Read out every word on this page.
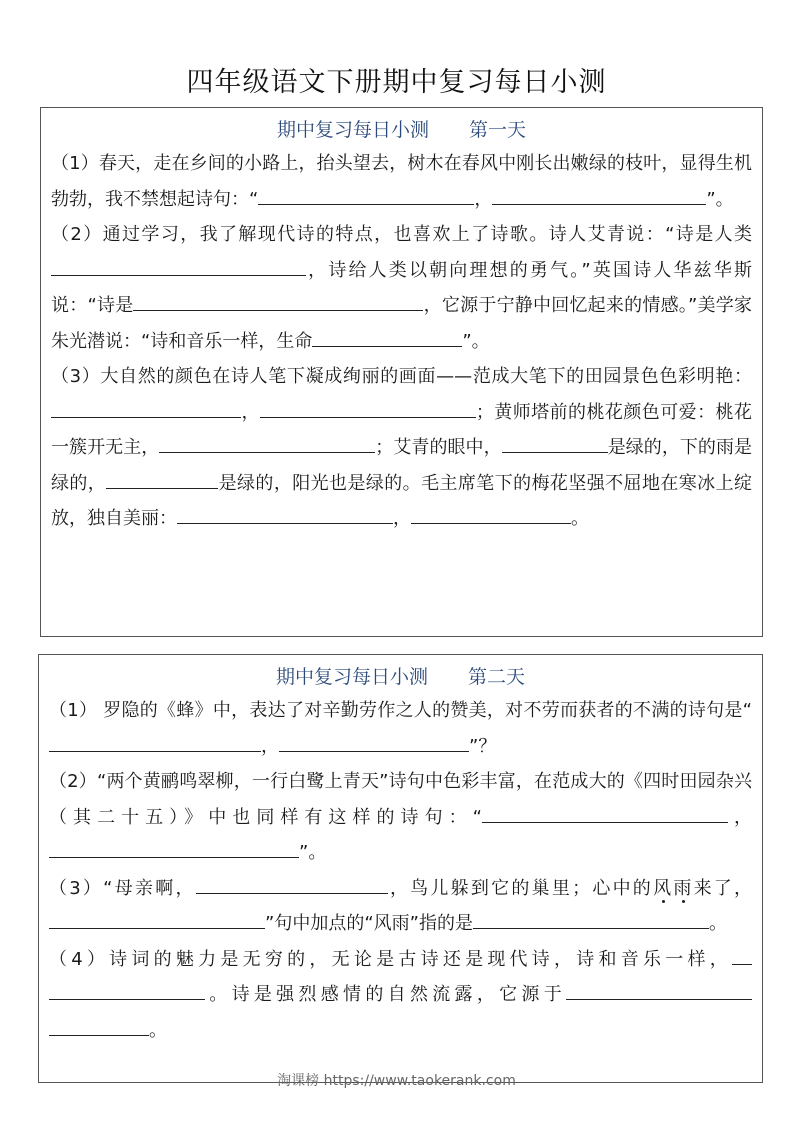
四年级语文下册期中复习每日小测
期中复习每日小测 第一天

（1）春天，走在乡间的小路上，抬头望去，树木在春风中刚长出嫩绿的枝叶，显得生机勃勃，我不禁想起诗句：“	，	”。

（2）通过学习，我了解现代诗的特点，也喜欢上了诗歌。诗人艾青说：“诗是人类，诗给人类以朝向理想的勇气。”英国诗人华兹华斯说：“诗是	，它源于宁静中回忆起来的情感。”美学家朱光潜说：“诗和音乐一样，生命	”。

（3）大自然的颜色在诗人笔下凝成绚丽的画面——范成大笔下的田园景色色彩明艳：，	；黄师塔前的桃花颜色可爱：桃花一簇开无主，	；艾青的眼中，	是绿的，下的雨是绿的，	是绿的，阳光也是绿的。毛主席笔下的梅花坚强不屈地在寒冰上绽放，独自美丽：	，	。

期中复习每日小测 第二天

（1） 罗隐的《蜂》中，表达了对辛勤劳作之人的赞美，对不劳而获者的不满的诗句是“，	”？

（2）“两个黄鹂鸣翠柳，一行白鹭上青天”诗句中色彩丰富，在范成大的《四时田园杂兴（其二十五）》中也同样有这样的诗句：“	，”。

（3）“母亲啊，	，鸟儿躲到它的巢里；心中的风雨来了，”句中加点的“风雨”指的是	。

（4）诗词的魅力是无穷的，无论是古诗还是现代诗，诗和音乐一样，。诗是强烈感情的自然流露，它源于。

淘课榜 https://www.taokerank.com
